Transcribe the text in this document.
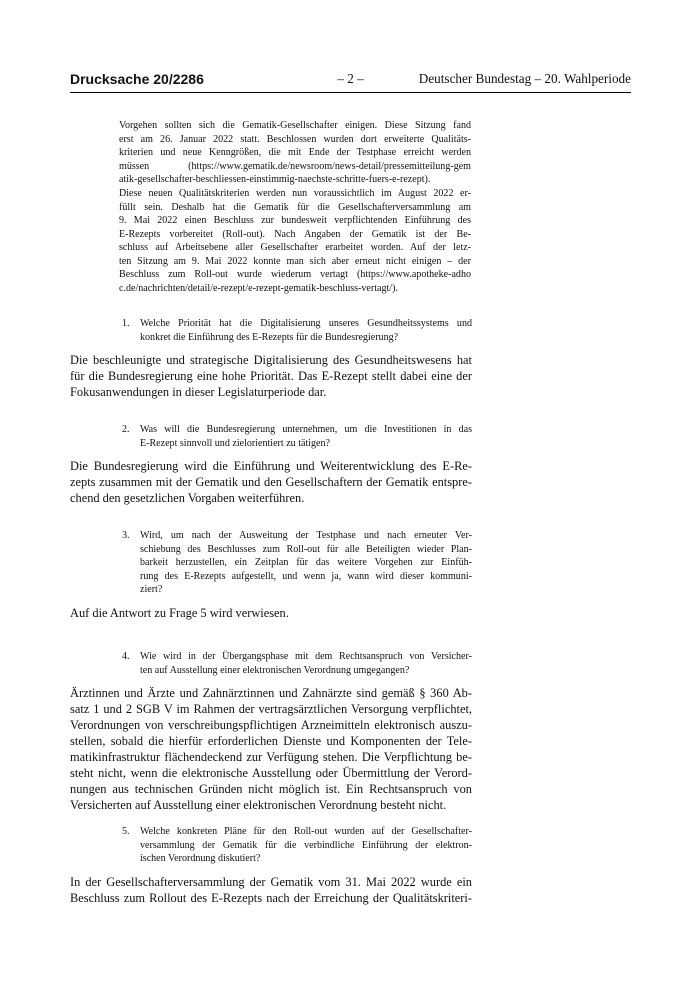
Drucksache 20/2286	– 2 –	Deutscher Bundestag – 20. Wahlperiode
Vorgehen sollten sich die Gematik-Gesellschafter einigen. Diese Sitzung fand
erst am 26. Januar 2022 statt. Beschlossen wurden dort erweiterte Qualitäts-
kriterien und neue Kenngrößen, die mit Ende der Testphase erreicht werden
müssen (https://www.gematik.de/newsroom/news-detail/pressemitteilung-gem
atik-gesellschafter-beschliessen-einstimmig-naechste-schritte-fuers-e-rezept).
Diese neuen Qualitätskriterien werden nun voraussichtlich im August 2022 er-
füllt sein. Deshalb hat die Gematik für die Gesellschafterversammlung am
9. Mai 2022 einen Beschluss zur bundesweit verpflichtenden Einführung des
E-Rezepts vorbereitet (Roll-out). Nach Angaben der Gematik ist der Be-
schluss auf Arbeitsebene aller Gesellschafter erarbeitet worden. Auf der letz-
ten Sitzung am 9. Mai 2022 konnte man sich aber erneut nicht einigen – der
Beschluss zum Roll-out wurde wiederum vertagt (https://www.apotheke-adho
c.de/nachrichten/detail/e-rezept/e-rezept-gematik-beschluss-vertagt/).
1. Welche Priorität hat die Digitalisierung unseres Gesundheitssystems und
konkret die Einführung des E-Rezepts für die Bundesregierung?
Die beschleunigte und strategische Digitalisierung des Gesundheitswesens hat
für die Bundesregierung eine hohe Priorität. Das E-Rezept stellt dabei eine der
Fokusanwendungen in dieser Legislaturperiode dar.
2. Was will die Bundesregierung unternehmen, um die Investitionen in das
E-Rezept sinnvoll und zielorientiert zu tätigen?
Die Bundesregierung wird die Einführung und Weiterentwicklung des E-Re-
zepts zusammen mit der Gematik und den Gesellschaftern der Gematik entspre-
chend den gesetzlichen Vorgaben weiterführen.
3. Wird, um nach der Ausweitung der Testphase und nach erneuter Ver-
schiebung des Beschlusses zum Roll-out für alle Beteiligten wieder Plan-
barkeit herzustellen, ein Zeitplan für das weitere Vorgehen zur Einfüh-
rung des E-Rezepts aufgestellt, und wenn ja, wann wird dieser kommuni-
ziert?
Auf die Antwort zu Frage 5 wird verwiesen.
4. Wie wird in der Übergangsphase mit dem Rechtsanspruch von Versicher-
ten auf Ausstellung einer elektronischen Verordnung umgegangen?
Ärztinnen und Ärzte und Zahnärztinnen und Zahnärzte sind gemäß § 360 Ab-
satz 1 und 2 SGB V im Rahmen der vertragsärztlichen Versorgung verpflichtet,
Verordnungen von verschreibungspflichtigen Arzneimitteln elektronisch auszu-
stellen, sobald die hierfür erforderlichen Dienste und Komponenten der Tele-
matikinfrastruktur flächendeckend zur Verfügung stehen. Die Verpflichtung be-
steht nicht, wenn die elektronische Ausstellung oder Übermittlung der Verord-
nungen aus technischen Gründen nicht möglich ist. Ein Rechtsanspruch von
Versicherten auf Ausstellung einer elektronischen Verordnung besteht nicht.
5. Welche konkreten Pläne für den Roll-out wurden auf der Gesellschafter-
versammlung der Gematik für die verbindliche Einführung der elektron-
ischen Verordnung diskutiert?
In der Gesellschafterversammlung der Gematik vom 31. Mai 2022 wurde ein
Beschluss zum Rollout des E-Rezepts nach der Erreichung der Qualitätskriteri-
